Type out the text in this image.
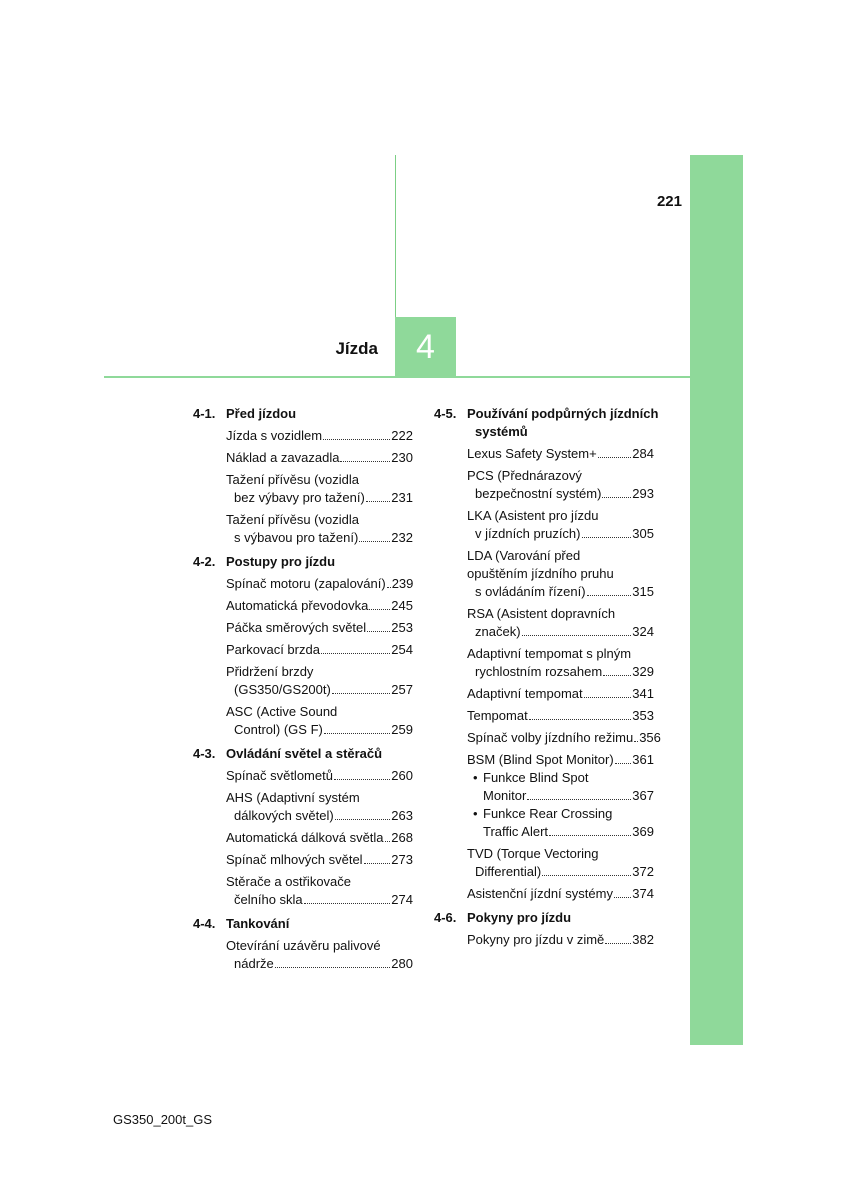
4
Jízda
221
4-1. Před jízdou
Jízda s vozidlem	222
Náklad a zavazadla	230
Tažení přívěsu (vozidla
bez výbavy pro tažení) 231
Tažení přívěsu (vozidla
s výbavou pro tažení)	232
4-2. Postupy pro jízdu
Spínač motoru (zapalování) 239
Automatická převodovka 245
Páčka směrových světel 253
Parkovací brzda	254
Přidržení brzdy
(GS350/GS200t)	257
ASC (Active Sound
Control) (GS F)	259
4-3. Ovládání světel a stěračů
Spínač světlometů	260
AHS (Adaptivní systém
dálkových světel)	263
Automatická dálková světla 268
Spínač mlhových světel 273
Stěrače a ostřikovače
čelního skla	274
4-4. Tankování
Otevírání uzávěru palivové
nádrže	280
4-5. Používání podpůrných jízdních
systémů
Lexus Safety System+	284
PCS (Přednárazový
bezpečnostní systém) 293
LKA (Asistent pro jízdu
v jízdních pruzích)	305
LDA (Varování před
opuštěním jízdního pruhu
s ovládáním řízení)	315
RSA (Asistent dopravních
značek)	324
Adaptivní tempomat s plným
rychlostním rozsahem 329
Adaptivní tempomat	341
Tempomat	353
Spínač volby jízdního režimu 356
BSM (Blind Spot Monitor) 361
• Funkce Blind Spot
Monitor	367
• Funkce Rear Crossing
Traffic Alert	369
TVD (Torque Vectoring
Differential)	372
Asistenční jízdní systémy 374
4-6. Pokyny pro jízdu
Pokyny pro jízdu v zimě 382
GS350_200t_GS
